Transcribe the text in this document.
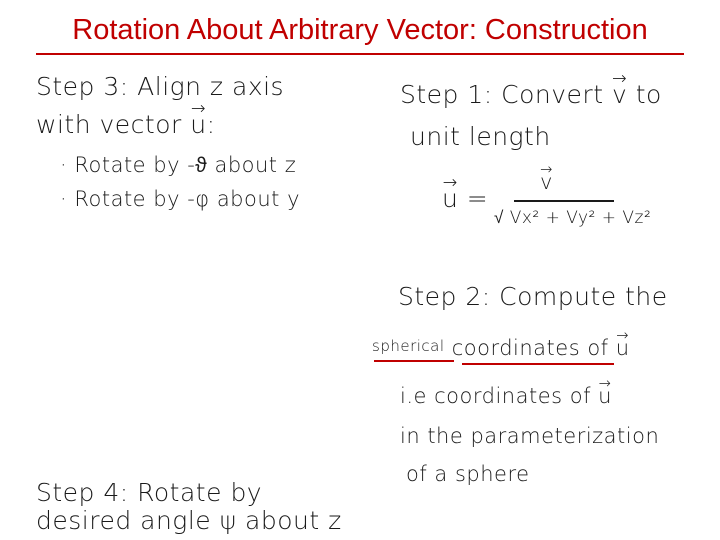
Rotation About Arbitrary Vector: Construction

Step 3: Align z axis

with vector → u:

· Rotate by -ϑ about z

· Rotate by -φ about y

Step 1: Convert → v to

unit length

→ u =

→ v
√ Vx² + Vy² + Vz²

Step 2: Compute the

spherical coordinates of → u

i.e coordinates of → u

in the parameterization

of a sphere

Step 4: Rotate by

desired angle ψ about z
